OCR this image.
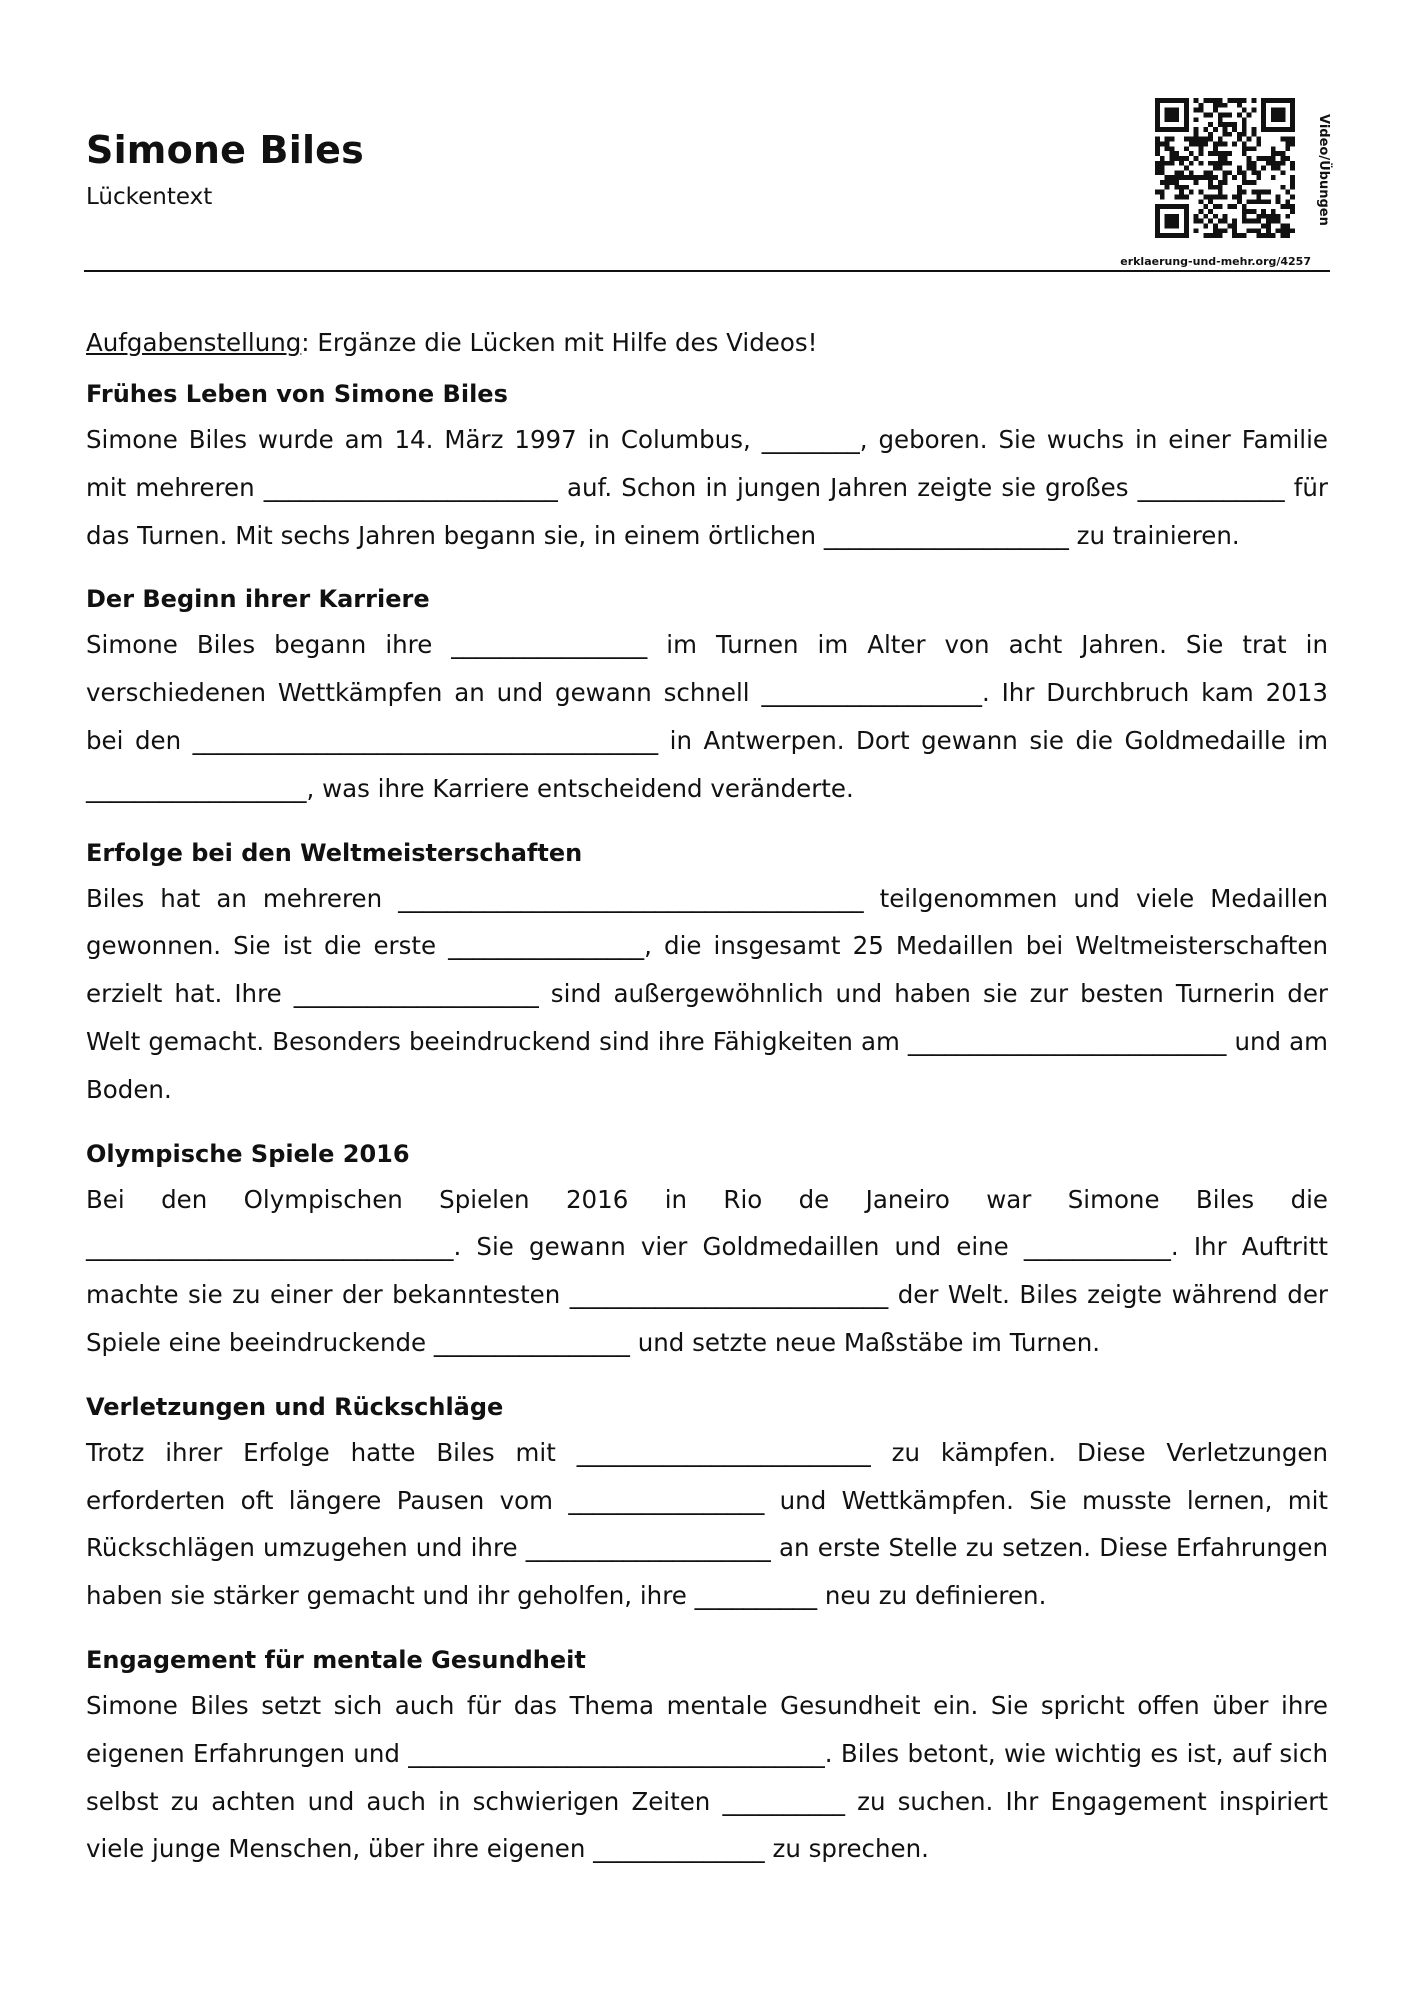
Simone Biles
Lückentext	Video/Übungen
erklaerung-und-mehr.org/4257

Aufgabenstellung: Ergänze die Lücken mit Hilfe des Videos!

Frühes Leben von Simone Biles

Simone Biles wurde am 14. März 1997 in Columbus, ________, geboren. Sie wuchs in einer Familie mit mehreren ________________________ auf. Schon in jungen Jahren zeigte sie großes ____________ für das Turnen. Mit sechs Jahren begann sie, in einem örtlichen ____________________ zu trainieren.

Der Beginn ihrer Karriere

Simone Biles begann ihre ________________ im Turnen im Alter von acht Jahren. Sie trat in verschiedenen Wettkämpfen an und gewann schnell __________________. Ihr Durchbruch kam 2013 bei den ______________________________________ in Antwerpen. Dort gewann sie die Goldmedaille im __________________, was ihre Karriere entscheidend veränderte.

Erfolge bei den Weltmeisterschaften

Biles hat an mehreren ______________________________________ teilgenommen und viele Medaillen gewonnen. Sie ist die erste ________________, die insgesamt 25 Medaillen bei Weltmeisterschaften erzielt hat. Ihre ____________________ sind außergewöhnlich und haben sie zur besten Turnerin der Welt gemacht. Besonders beeindruckend sind ihre Fähigkeiten am __________________________ und am Boden.

Olympische Spiele 2016

Bei den Olympischen Spielen 2016 in Rio de Janeiro war Simone Biles die ______________________________. Sie gewann vier Goldmedaillen und eine ____________. Ihr Auftritt machte sie zu einer der bekanntesten __________________________ der Welt. Biles zeigte während der Spiele eine beeindruckende ________________ und setzte neue Maßstäbe im Turnen.

Verletzungen und Rückschläge

Trotz ihrer Erfolge hatte Biles mit ________________________ zu kämpfen. Diese Verletzungen erforderten oft längere Pausen vom ________________ und Wettkämpfen. Sie musste lernen, mit Rückschlägen umzugehen und ihre ____________________ an erste Stelle zu setzen. Diese Erfahrungen haben sie stärker gemacht und ihr geholfen, ihre __________ neu zu definieren.

Engagement für mentale Gesundheit

Simone Biles setzt sich auch für das Thema mentale Gesundheit ein. Sie spricht offen über ihre eigenen Erfahrungen und __________________________________. Biles betont, wie wichtig es ist, auf sich selbst zu achten und auch in schwierigen Zeiten __________ zu suchen. Ihr Engagement inspiriert viele junge Menschen, über ihre eigenen ______________ zu sprechen.
